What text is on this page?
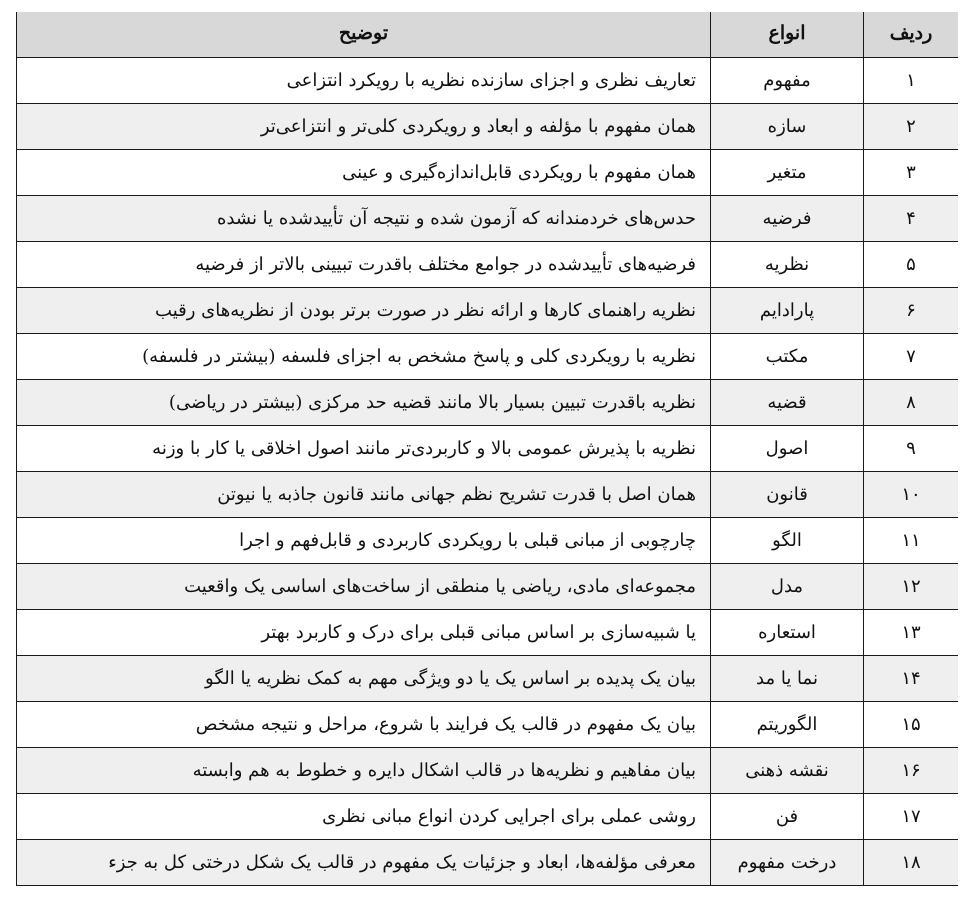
ردیف	انواع	توضیح
۱	مفهوم	تعاریف نظری و اجزای سازنده نظریه با رویکرد انتزاعی
۲	سازه	همان مفهوم با مؤلفه و ابعاد و رویکردی کلی‌تر و انتزاعی‌تر
۳	متغیر	همان مفهوم با رویکردی قابل‌اندازه‌گیری و عینی
۴	فرضیه	حدس‌های خردمندانه که آزمون شده و نتیجه آن تأییدشده یا نشده
۵	نظریه	فرضیه‌های تأییدشده در جوامع مختلف باقدرت تبیینی بالاتر از فرضیه
۶	پارادایم	نظریه راهنمای کارها و ارائه نظر در صورت برتر بودن از نظریه‌های رقیب
۷	مکتب	نظریه با رویکردی کلی و پاسخ مشخص به اجزای فلسفه (بیشتر در فلسفه)
۸	قضیه	نظریه باقدرت تبیین بسیار بالا مانند قضیه حد مرکزی (بیشتر در ریاضی)
۹	اصول	نظریه با پذیرش عمومی بالا و کاربردی‌تر مانند اصول اخلاقی یا کار با وزنه
۱۰	قانون	همان اصل با قدرت تشریح نظم جهانی مانند قانون جاذبه یا نیوتن
۱۱	الگو	چارچوبی از مبانی قبلی با رویکردی کاربردی و قابل‌فهم و اجرا
۱۲	مدل	مجموعه‌ای مادی، ریاضی یا منطقی از ساخت‌های اساسی یک واقعیت
۱۳	استعاره	یا شبیه‌سازی بر اساس مبانی قبلی برای درک و کاربرد بهتر
۱۴	نما یا مد	بیان یک پدیده بر اساس یک یا دو ویژگی مهم به کمک نظریه یا الگو
۱۵	الگوریتم	بیان یک مفهوم در قالب یک فرایند با شروع، مراحل و نتیجه مشخص
۱۶	نقشه ذهنی	بیان مفاهیم و نظریه‌ها در قالب اشکال دایره و خطوط به هم وابسته
۱۷	فن	روشی عملی برای اجرایی کردن انواع مبانی نظری
۱۸	درخت مفهوم	معرفی مؤلفه‌ها، ابعاد و جزئیات یک مفهوم در قالب یک شکل درختی کل به جزء
